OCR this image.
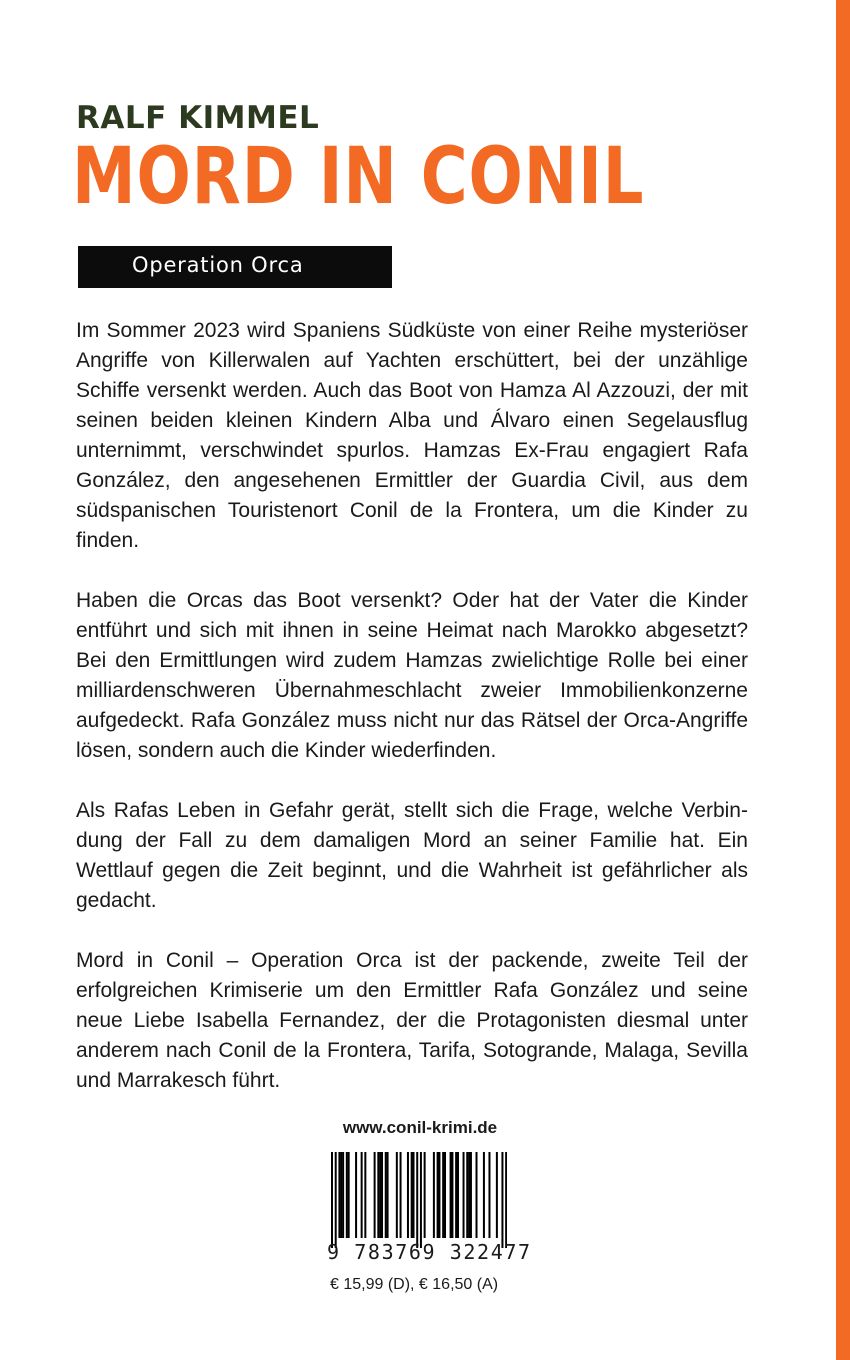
RALF KIMMEL
MORD IN CONIL
Operation Orca

Im Sommer 2023 wird Spaniens Südküste von einer Reihe mysteriöser Angriffe von Killerwalen auf Yachten erschüttert, bei der unzählige Schiffe versenkt werden. Auch das Boot von Hamza Al Azzouzi, der mit seinen beiden kleinen Kindern Alba und Álvaro einen Segelausflug unternimmt, verschwindet spurlos. Hamzas Ex-Frau engagiert Rafa González, den angesehenen Ermittler der Guardia Civil, aus dem südspanischen Touristenort Conil de la Frontera, um die Kinder zu finden.

Haben die Orcas das Boot versenkt? Oder hat der Vater die Kinder entführt und sich mit ihnen in seine Heimat nach Marokko abgesetzt? Bei den Ermittlungen wird zudem Hamzas zwielichtige Rolle bei einer milliardenschweren Übernahmeschlacht zweier Immobilienkonzerne aufgedeckt. Rafa González muss nicht nur das Rätsel der Orca-Angriffe lösen, sondern auch die Kinder wiederfinden.

Als Rafas Leben in Gefahr gerät, stellt sich die Frage, welche Verbindung der Fall zu dem damaligen Mord an seiner Familie hat. Ein Wettlauf gegen die Zeit beginnt, und die Wahrheit ist gefährlicher als gedacht.

Mord in Conil – Operation Orca ist der packende, zweite Teil der erfolgreichen Krimiserie um den Ermittler Rafa González und seine neue Liebe Isabella Fernandez, der die Protagonisten diesmal unter anderem nach Conil de la Frontera, Tarifa, Sotogrande, Malaga, Sevilla und Marrakesch führt.

www.conil-krimi.de
9 783769 322477
€ 15,99 (D), € 16,50 (A)
